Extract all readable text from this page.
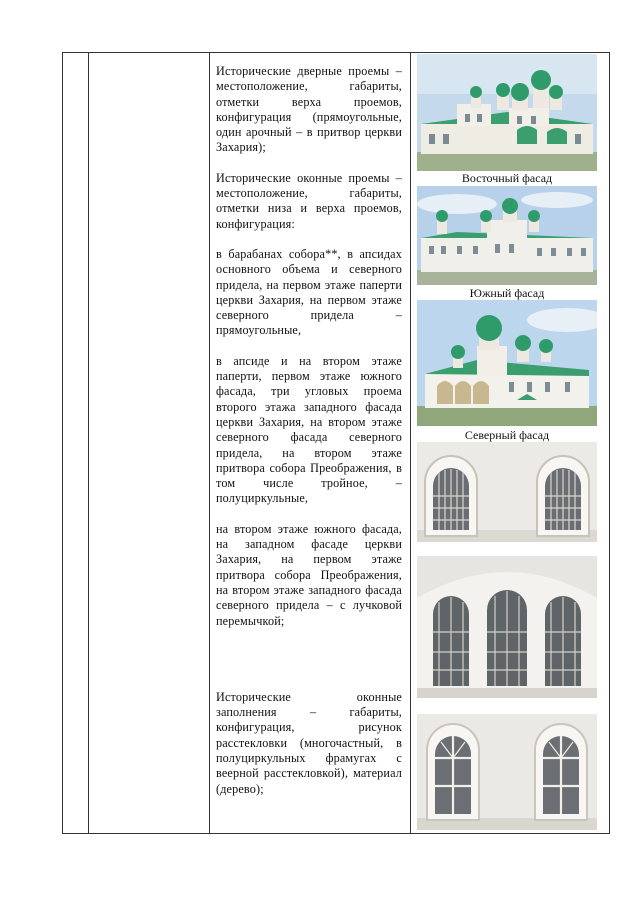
Исторические дверные проемы – местоположение, габариты, отметки верха проемов, конфигурация (прямоугольные, один арочный – в притвор церкви Захария);

Исторические оконные проемы – местоположение, габариты, отметки низа и верха проемов, конфигурация:

в барабанах собора**, в апсидах основного объема и северного придела, на первом этаже паперти церкви Захария, на первом этаже северного придела – прямоугольные,

в апсиде и на втором этаже паперти, первом этаже южного фасада, три угловых проема второго этажа западного фасада церкви Захария, на втором этаже северного фасада северного придела, на втором этаже притвора собора Преображения, в том числе тройное, – полуциркульные,

на втором этаже южного фасада, на западном фасаде церкви Захария, на первом этаже притвора собора Преображения, на втором этаже западного фасада северного придела – с лучковой перемычкой;

Исторические оконные заполнения – габариты, конфигурация, рисунок расстекловки (многочастный, в полуциркульных фрамугах с веерной расстекловкой), материал (дерево);

Восточный фасад
Южный фасад
Северный фасад
